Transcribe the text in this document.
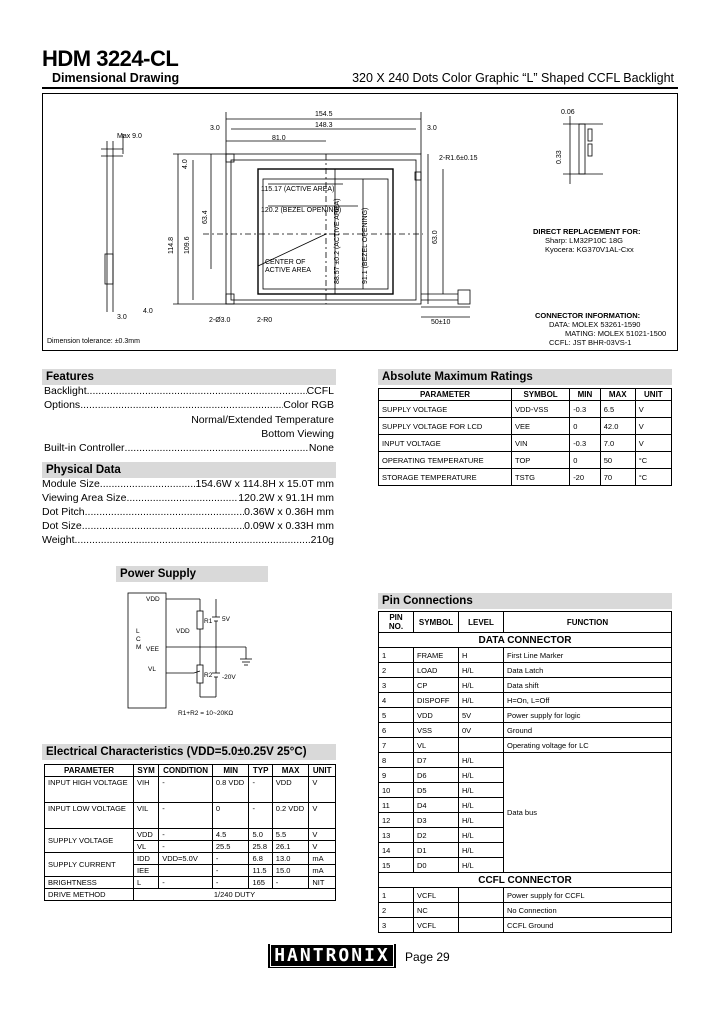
HDM 3224-CL
Dimensional Drawing	320 X 240 Dots Color Graphic “L” Shaped CCFL Backlight
154.5
148.3
81.0
3.0	3.0
Max 9.0
2-R1.6±0.15
115.17 (ACTIVE AREA)
120.2 (BEZEL OPENING)
CENTER OF
ACTIVE AREA
4.0
3.0	2-Ø3.0	2-R0	50±10
0.06
4.0
114.8 109.6
63.4	88.57 ±0.2 (ACTIVE AREA)	91.1 (BEZEL OPENING)	63.0
0.33
Dimension tolerance: ±0.3mm
DIRECT REPLACEMENT FOR:
Sharp: LM32P10C 18G
Kyocera: KG370V1AL-Cxx
CONNECTOR INFORMATION:
DATA: MOLEX 53261-1590
MATING: MOLEX 51021-1500
CCFL: JST BHR-03VS-1
Features
Backlight .....	CCFL
Options .....	Color RGB
Normal/Extended Temperature
Bottom Viewing
Built-in Controller .....	None
Physical Data
Module Size .....	154.6W x 114.8H x 15.0T mm
Viewing Area Size .....	120.2W x 91.1H mm
Dot Pitch .....	0.36W x 0.36H mm
Dot Size .....	0.09W x 0.33H mm
Weight .....	210g
Power Supply
VDD
L
C
M VEE
VDD
VL
R1
R2
5V
-20V
R1+R2 = 10~20KΩ
Absolute Maximum Ratings
PARAMETER	SYMBOL	MIN	MAX	UNIT
SUPPLY VOLTAGE	VDD-VSS	-0.3	6.5	V
SUPPLY VOLTAGE FOR LCD	VEE	0	42.0	V
INPUT VOLTAGE	VIN	-0.3	7.0	V
OPERATING TEMPERATURE	TOP	0	50	°C
STORAGE TEMPERATURE	TSTG	-20	70	°C
Pin Connections
PIN NO.	SYMBOL	LEVEL	FUNCTION
DATA CONNECTOR			
1	FRAME	H	First Line Marker
2	LOAD	H/L	Data Latch
3	CP	H/L	Data shift
4	DISPOFF	H/L	H=On, L=Off
5	VDD	5V	Power supply for logic
6	VSS	0V	Ground
7	VL		Operating voltage for LC
8	D7	H/L	Data bus
9	D6	H/L	
10	D5	H/L	
11	D4	H/L	
12	D3	H/L	
13	D2	H/L	
14	D1	H/L	
15	D0	H/L	
CCFL CONNECTOR			
1	VCFL		Power supply for CCFL
2	NC		No Connection
3	VCFL		CCFL Ground
Electrical Characteristics (VDD=5.0±0.25V 25°C)
PARAMETER	SYM	CONDITION	MIN	TYP	MAX	UNIT
INPUT HIGH VOLTAGE	VIH	-	0.8 VDD	-	VDD	V
INPUT LOW VOLTAGE	VIL	-	0	-	0.2 VDD	V
SUPPLY VOLTAGE	VDD	-	4.5	5.0	5.5	V
	VL	-	25.5	25.8	26.1	V
SUPPLY CURRENT	IDD	VDD=5.0V	-	6.8	13.0	mA
	IEE		-	11.5	15.0	mA
BRIGHTNESS	L	-	-	165	-	NIT
DRIVE METHOD	1/240 DUTY					
HANTRONIX	Page 29
